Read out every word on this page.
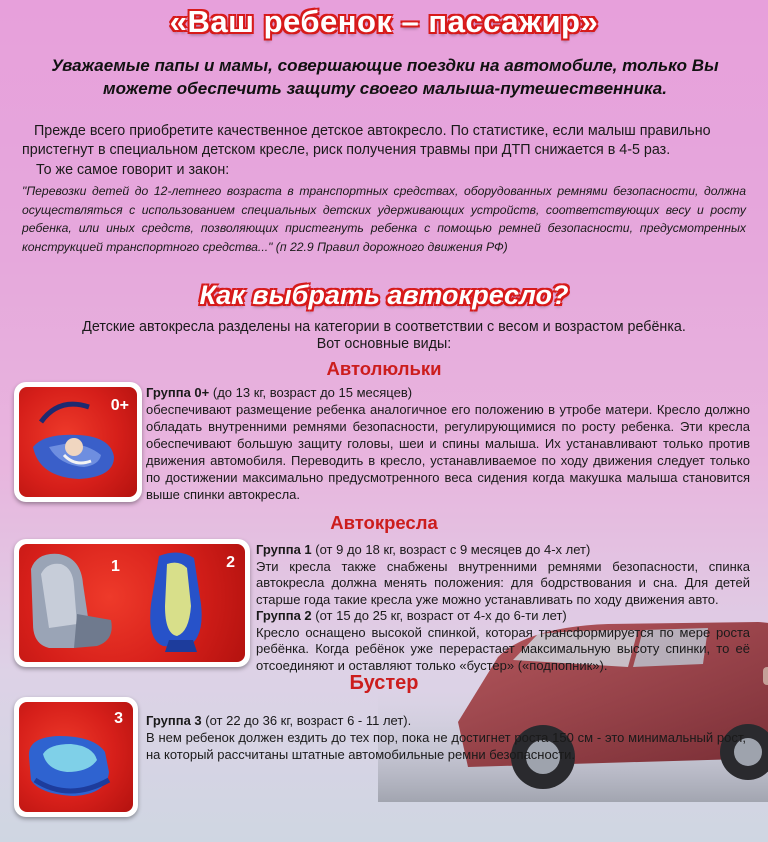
«Ваш ребенок – пассажир»
Уважаемые папы и мамы, совершающие поездки на автомобиле, только Вы можете обеспечить защиту своего малыша-путешественника.
Прежде всего приобретите качественное детское автокресло. По статистике, если малыш правильно пристегнут в специальном детском кресле, риск получения травмы при ДТП снижается в 4-5 раз.
То же самое говорит и закон:
"Перевозки детей до 12-летнего возраста в транспортных средствах, оборудованных ремнями безопасности, должна осуществляться с использованием специальных детских удерживающих устройств, соответствующих весу и росту ребенка, или иных средств, позволяющих пристегнуть ребенка с помощью ремней безопасности, предусмотренных конструкцией транспортного средства..." (п 22.9 Правил дорожного движения РФ)
Как выбрать автокресло?
Детские автокресла разделены на категории в соответствии с весом и возрастом ребёнка.
Вот основные виды:
Автолюльки
0+
Группа 0+ (до 13 кг, возраст до 15 месяцев)
обеспечивают размещение ребенка аналогичное его положению в утробе матери. Кресло должно обладать внутренними ремнями безопасности, регулирующимися по росту ребенка. Эти кресла обеспечивают большую защиту головы, шеи и спины малыша. Их устанавливают только против движения автомобиля. Переводить в кресло, устанавливаемое по ходу движения следует только по достижении максимально предусмотренного веса сидения когда макушка малыша становится выше спинки автокресла.
Автокресла
1	2
Группа 1 (от 9 до 18 кг, возраст с 9 месяцев до 4-х лет)
Эти кресла также снабжены внутренними ремнями безопасности, спинка автокресла должна менять положения: для бодрствования и сна. Для детей старше года такие кресла уже можно устанавливать по ходу движения авто.
Группа 2 (от 15 до 25 кг, возраст от 4-х до 6-ти лет)
Кресло оснащено высокой спинкой, которая трансформируется по мере роста ребёнка. Когда ребёнок уже перерастает максимальную высоту спинки, то её отсоединяют и оставляют только «бустер» («подпопник»).
Бустер
3 Группа 3 (от 22 до 36 кг, возраст 6 - 11 лет).
В нем ребенок должен ездить до тех пор, пока не достигнет роста 150 см - это минимальный рост, на который рассчитаны штатные автомобильные ремни безопасности.
